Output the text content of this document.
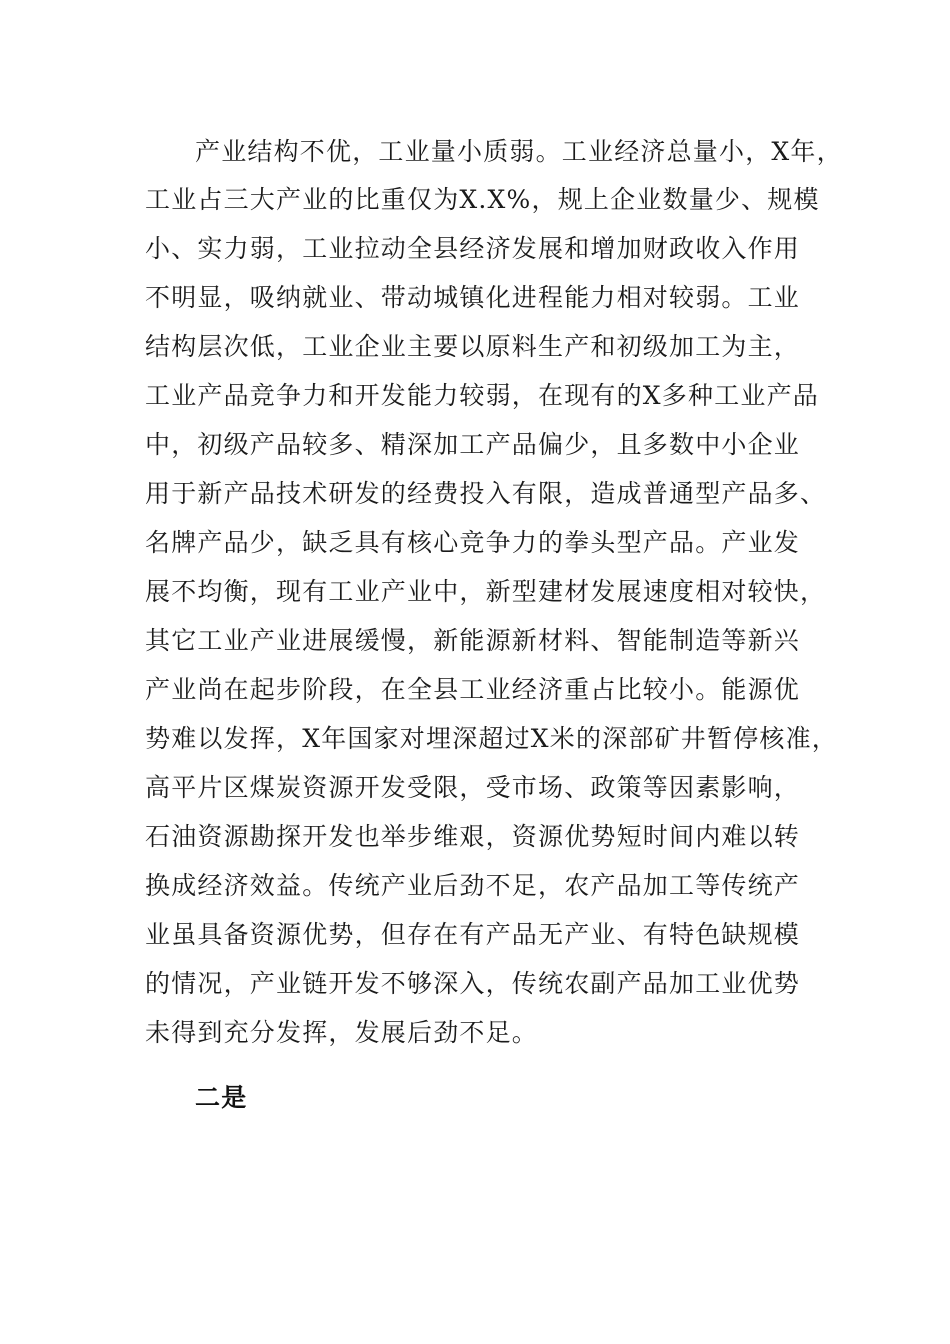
产业结构不优，工业量小质弱。工业经济总量小，X年，

工业占三大产业的比重仅为X.X%，规上企业数量少、规模

小、实力弱，工业拉动全县经济发展和增加财政收入作用

不明显，吸纳就业、带动城镇化进程能力相对较弱。工业

结构层次低，工业企业主要以原料生产和初级加工为主，

工业产品竞争力和开发能力较弱，在现有的X多种工业产品

中，初级产品较多、精深加工产品偏少，且多数中小企业

用于新产品技术研发的经费投入有限，造成普通型产品多、

名牌产品少，缺乏具有核心竞争力的拳头型产品。产业发

展不均衡，现有工业产业中，新型建材发展速度相对较快，

其它工业产业进展缓慢，新能源新材料、智能制造等新兴

产业尚在起步阶段，在全县工业经济重占比较小。能源优

势难以发挥，X年国家对埋深超过X米的深部矿井暂停核准，

高平片区煤炭资源开发受限，受市场、政策等因素影响，

石油资源勘探开发也举步维艰，资源优势短时间内难以转

换成经济效益。传统产业后劲不足，农产品加工等传统产

业虽具备资源优势，但存在有产品无产业、有特色缺规模

的情况，产业链开发不够深入，传统农副产品加工业优势

未得到充分发挥，发展后劲不足。

二是
